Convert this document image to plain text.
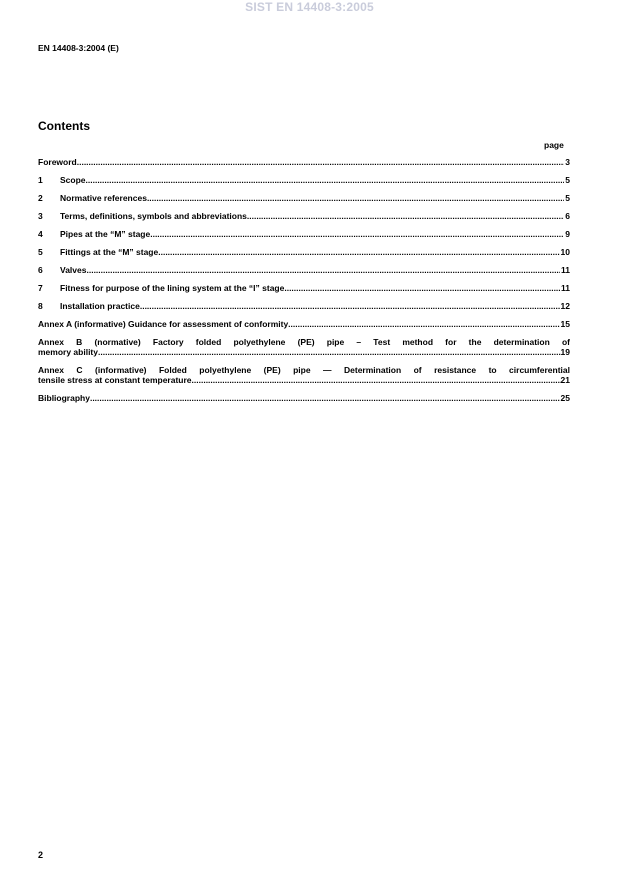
SIST EN 14408-3:2005
EN 14408-3:2004 (E)
Contents
page
Foreword .....	3
1	Scope .....	5
2	Normative references .....	5
3	Terms, definitions, symbols and abbreviations .....	6
4	Pipes at the “M” stage .....	9
5	Fittings at the “M” stage .....	10
6	Valves .....	11
7	Fitness for purpose of the lining system at the “I” stage .....	11
8	Installation practice .....	12
Annex A (informative) Guidance for assessment of conformity .....	15
Annex B (normative) Factory folded polyethylene (PE) pipe – Test method for the determination of
memory ability .....	19
Annex C (informative) Folded polyethylene (PE) pipe — Determination of resistance to circumferential
tensile stress at constant temperature .....	21
Bibliography .....	25
2
